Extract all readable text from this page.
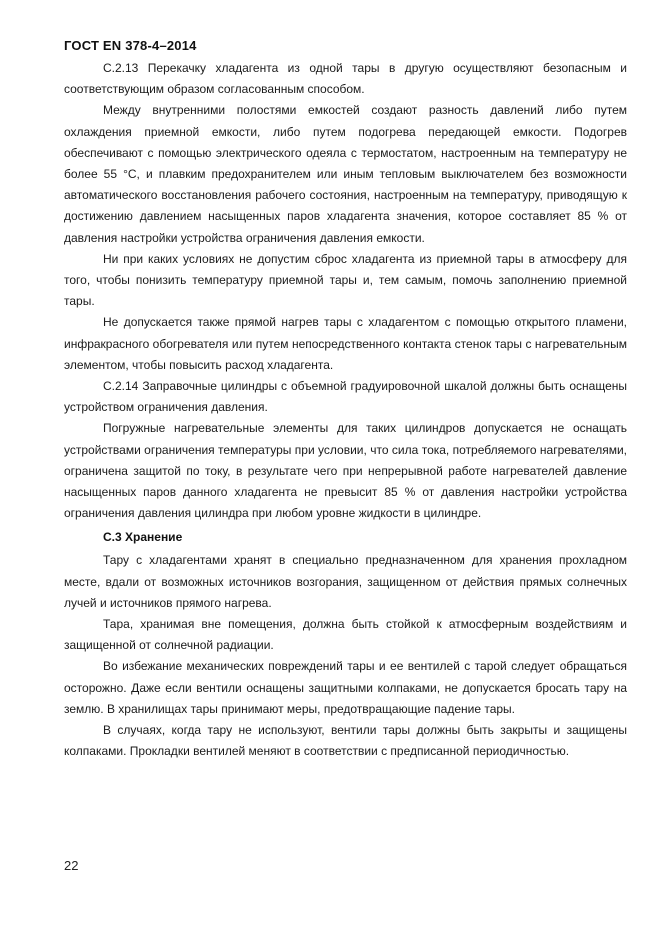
ГОСТ EN 378-4–2014

С.2.13 Перекачку хладагента из одной тары в другую осуществляют безопасным и соответствующим образом согласованным способом.

Между внутренними полостями емкостей создают разность давлений либо путем охлаждения приемной емкости, либо путем подогрева передающей емкости. Подогрев обеспечивают с помощью электрического одеяла с термостатом, настроенным на температуру не более 55 °С, и плавким предохранителем или иным тепловым выключателем без возможности автоматического восстановления рабочего состояния, настроенным на температуру, приводящую к достижению давлением насыщенных паров хладагента значения, которое составляет 85 % от давления настройки устройства ограничения давления емкости.

Ни при каких условиях не допустим сброс хладагента из приемной тары в атмосферу для того, чтобы понизить температуру приемной тары и, тем самым, помочь заполнению приемной тары.

Не допускается также прямой нагрев тары с хладагентом с помощью открытого пламени, инфракрасного обогревателя или путем непосредственного контакта стенок тары с нагревательным элементом, чтобы повысить расход хладагента.

С.2.14 Заправочные цилиндры с объемной градуировочной шкалой должны быть оснащены устройством ограничения давления.

Погружные нагревательные элементы для таких цилиндров допускается не оснащать устройствами ограничения температуры при условии, что сила тока, потребляемого нагревателями, ограничена защитой по току, в результате чего при непрерывной работе нагревателей давление насыщенных паров данного хладагента не превысит 85 % от давления настройки устройства ограничения давления цилиндра при любом уровне жидкости в цилиндре.

С.3 Хранение

Тару с хладагентами хранят в специально предназначенном для хранения прохладном месте, вдали от возможных источников возгорания, защищенном от действия прямых солнечных лучей и источников прямого нагрева.

Тара, хранимая вне помещения, должна быть стойкой к атмосферным воздействиям и защищенной от солнечной радиации.

Во избежание механических повреждений тары и ее вентилей с тарой следует обращаться осторожно. Даже если вентили оснащены защитными колпаками, не допускается бросать тару на землю. В хранилищах тары принимают меры, предотвращающие падение тары.

В случаях, когда тару не используют, вентили тары должны быть закрыты и защищены колпаками. Прокладки вентилей меняют в соответствии с предписанной периодичностью.

22
